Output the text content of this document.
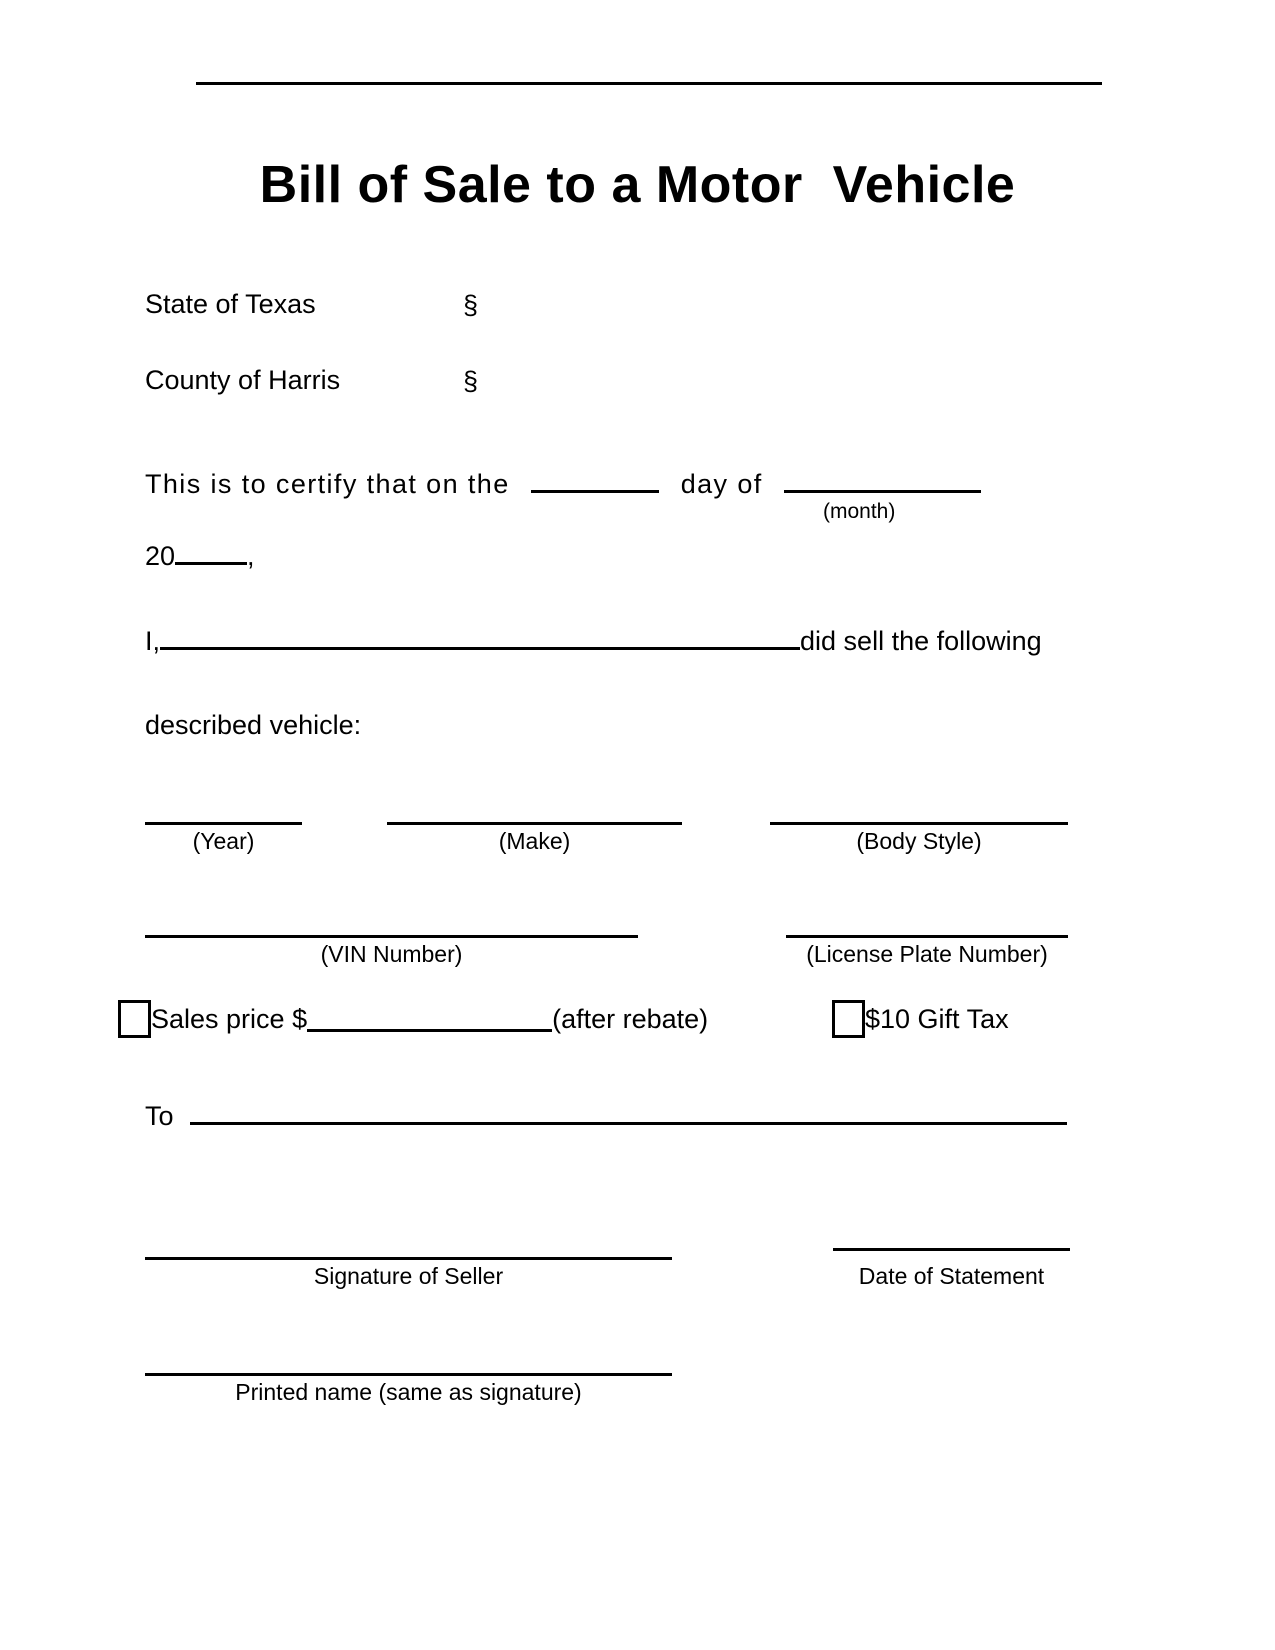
Bill of Sale to a Motor  Vehicle
State of Texas	§
County of Harris	§
This is to certify that on the	day of
(month)
20	,
I,	did sell the following
described vehicle:
(Year)	(Make)	(Body Style)
(VIN Number)	(License Plate Number)
Sales price $	(after rebate)	$10 Gift Tax
To
Signature of Seller	Date of Statement
Printed name (same as signature)
